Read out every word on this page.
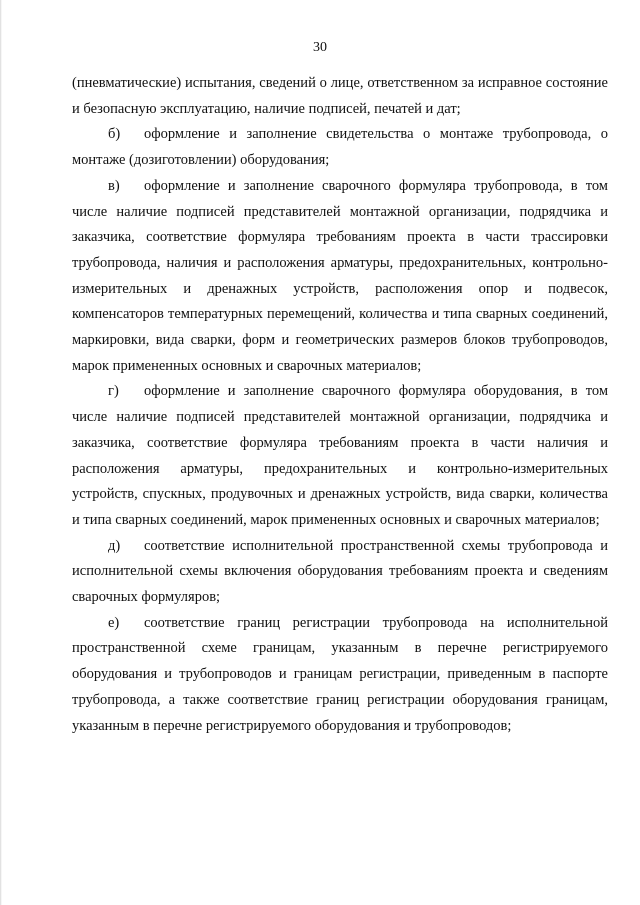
30

(пневматические) испытания, сведений о лице, ответственном за исправное состояние и безопасную эксплуатацию, наличие подписей, печатей и дат;

б) оформление и заполнение свидетельства о монтаже трубопровода, о монтаже (дозиготовлении) оборудования;

в) оформление и заполнение сварочного формуляра трубопровода, в том числе наличие подписей представителей монтажной организации, подрядчика и заказчика, соответствие формуляра требованиям проекта в части трассировки трубопровода, наличия и расположения арматуры, предохранительных, контрольно-измерительных и дренажных устройств, расположения опор и подвесок, компенсаторов температурных перемещений, количества и типа сварных соединений, маркировки, вида сварки, форм и геометрических размеров блоков трубопроводов, марок примененных основных и сварочных материалов;

г) оформление и заполнение сварочного формуляра оборудования, в том числе наличие подписей представителей монтажной организации, подрядчика и заказчика, соответствие формуляра требованиям проекта в части наличия и расположения арматуры, предохранительных и контрольно-измерительных устройств, спускных, продувочных и дренажных устройств, вида сварки, количества и типа сварных соединений, марок примененных основных и сварочных материалов;

д) соответствие исполнительной пространственной схемы трубопровода и исполнительной схемы включения оборудования требованиям проекта и сведениям сварочных формуляров;

е) соответствие границ регистрации трубопровода на исполнительной пространственной схеме границам, указанным в перечне регистрируемого оборудования и трубопроводов и границам регистрации, приведенным в паспорте трубопровода, а также соответствие границ регистрации оборудования границам, указанным в перечне регистрируемого оборудования и трубопроводов;
